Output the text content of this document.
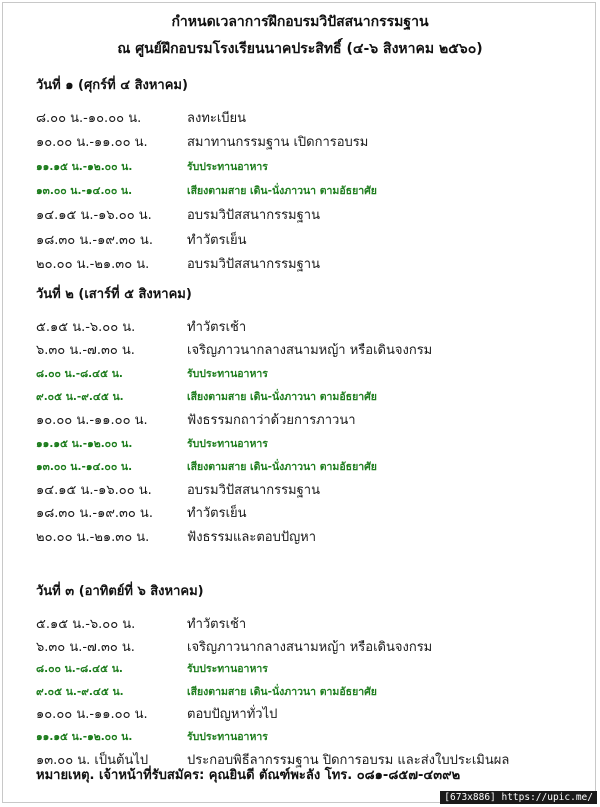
กำหนดเวลาการฝึกอบรมวิปัสสนากรรมฐาน
ณ ศูนย์ฝึกอบรมโรงเรียนนาคประสิทธิ์ (๔-๖ สิงหาคม ๒๕๖๐)
วันที่ ๑ (ศุกร์ที่ ๔ สิงหาคม)
๘.๐๐ น.-๑๐.๐๐ น.	ลงทะเบียน
๑๐.๐๐ น.-๑๑.๐๐ น.	สมาทานกรรมฐาน เปิดการอบรม
๑๑.๑๕ น.-๑๒.๐๐ น.	รับประทานอาหาร
๑๓.๐๐ น.-๑๔.๐๐ น.	เสียงตามสาย เดิน-นั่งภาวนา ตามอัธยาศัย
๑๔.๑๕ น.-๑๖.๐๐ น.	อบรมวิปัสสนากรรมฐาน
๑๘.๓๐ น.-๑๙.๓๐ น.	ทำวัตรเย็น
๒๐.๐๐ น.-๒๑.๓๐ น.	อบรมวิปัสสนากรรมฐาน
วันที่ ๒ (เสาร์ที่ ๕ สิงหาคม)
๕.๑๕ น.-๖.๐๐ น.	ทำวัตรเช้า
๖.๓๐ น.-๗.๓๐ น.	เจริญภาวนากลางสนามหญ้า หรือเดินจงกรม
๘.๐๐ น.-๘.๔๕ น.	รับประทานอาหาร
๙.๐๕ น.-๙.๔๕ น.	เสียงตามสาย เดิน-นั่งภาวนา ตามอัธยาศัย
๑๐.๐๐ น.-๑๑.๐๐ น.	ฟังธรรมกถาว่าด้วยการภาวนา
๑๑.๑๕ น.-๑๒.๐๐ น.	รับประทานอาหาร
๑๓.๐๐ น.-๑๔.๐๐ น.	เสียงตามสาย เดิน-นั่งภาวนา ตามอัธยาศัย
๑๔.๑๕ น.-๑๖.๐๐ น.	อบรมวิปัสสนากรรมฐาน
๑๘.๓๐ น.-๑๙.๓๐ น.	ทำวัตรเย็น
๒๐.๐๐ น.-๒๑.๓๐ น.	ฟังธรรมและตอบปัญหา
วันที่ ๓ (อาทิตย์ที่ ๖ สิงหาคม)
๕.๑๕ น.-๖.๐๐ น.	ทำวัตรเช้า
๖.๓๐ น.-๗.๓๐ น.	เจริญภาวนากลางสนามหญ้า หรือเดินจงกรม
๘.๐๐ น.-๘.๔๕ น.	รับประทานอาหาร
๙.๐๕ น.-๙.๔๕ น.	เสียงตามสาย เดิน-นั่งภาวนา ตามอัธยาศัย
๑๐.๐๐ น.-๑๑.๐๐ น.	ตอบปัญหาทั่วไป
๑๑.๑๕ น.-๑๒.๐๐ น.	รับประทานอาหาร
๑๓.๐๐ น. เป็นต้นไป	ประกอบพิธีลากรรมฐาน ปิดการอบรม และส่งใบประเมินผล
หมายเหตุ. เจ้าหน้าที่รับสมัคร: คุณยินดี ตัณฑ์พะลัง โทร. ๐๘๑-๘๕๗-๔๓๙๒
[673x886] https://upic.me/
